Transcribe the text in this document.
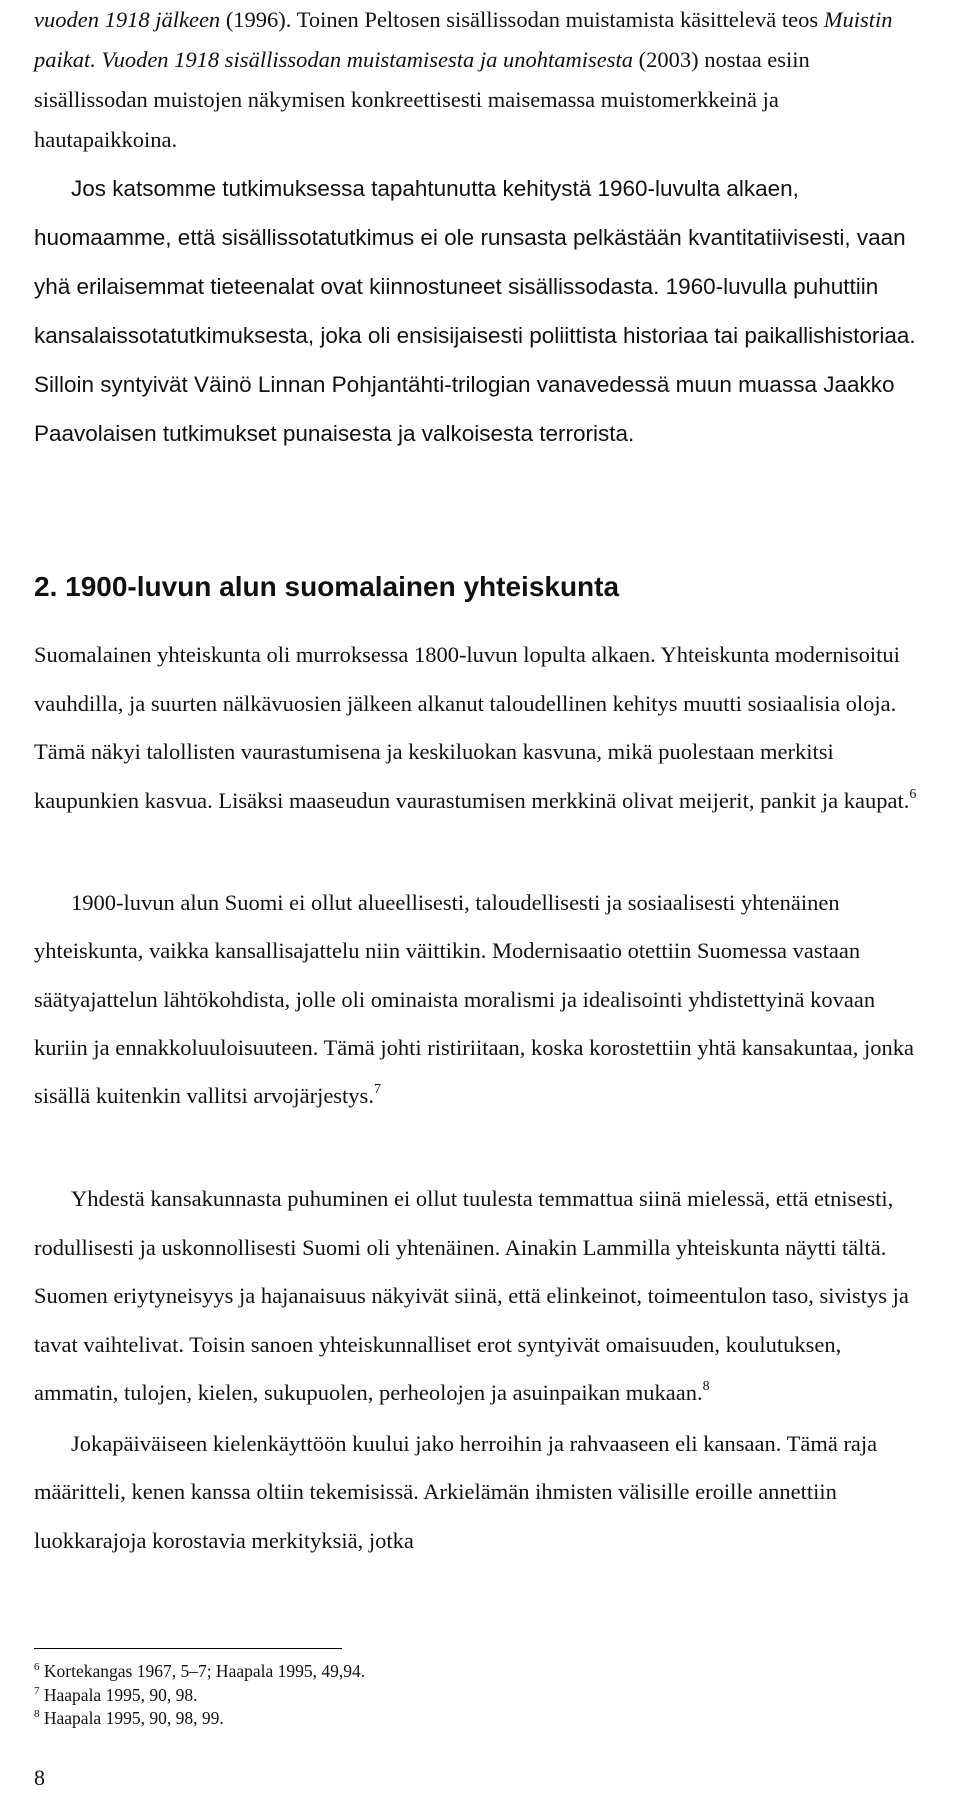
vuoden 1918 jälkeen (1996). Toinen Peltosen sisällissodan muistamista käsittelevä teos Muistin paikat. Vuoden 1918 sisällissodan muistamisesta ja unohtamisesta (2003) nostaa esiin sisällissodan muistojen näkymisen konkreettisesti maisemassa muistomerkkeinä ja hautapaikkoina.

Jos katsomme tutkimuksessa tapahtunutta kehitystä 1960-luvulta alkaen, huomaamme, että sisällissotatutkimus ei ole runsasta pelkästään kvantitatiivisesti, vaan yhä erilaisemmat tieteenalat ovat kiinnostuneet sisällissodasta. 1960-luvulla puhuttiin kansalaissotatutkimuksesta, joka oli ensisijaisesti poliittista historiaa tai paikallishistoriaa. Silloin syntyivät Väinö Linnan Pohjantähti-trilogian vanavedessä muun muassa Jaakko Paavolaisen tutkimukset punaisesta ja valkoisesta terrorista.

2. 1900-luvun alun suomalainen yhteiskunta

Suomalainen yhteiskunta oli murroksessa 1800-luvun lopulta alkaen. Yhteiskunta modernisoitui vauhdilla, ja suurten nälkävuosien jälkeen alkanut taloudellinen kehitys muutti sosiaalisia oloja. Tämä näkyi talollisten vaurastumisena ja keskiluokan kasvuna, mikä puolestaan merkitsi kaupunkien kasvua. Lisäksi maaseudun vaurastumisen merkkinä olivat meijerit, pankit ja kaupat.$^6$

1900-luvun alun Suomi ei ollut alueellisesti, taloudellisesti ja sosiaalisesti yhtenäinen yhteiskunta, vaikka kansallisajattelu niin väittikin. Modernisaatio otettiin Suomessa vastaan säätyajattelun lähtökohdista, jolle oli ominaista moralismi ja idealisointi yhdistettyinä kovaan kuriin ja ennakkoluuloisuuteen. Tämä johti ristiriitaan, koska korostettiin yhtä kansakuntaa, jonka sisällä kuitenkin vallitsi arvojärjestys.$^7$

Yhdestä kansakunnasta puhuminen ei ollut tuulesta temmattua siinä mielessä, että etnisesti, rodullisesti ja uskonnollisesti Suomi oli yhtenäinen. Ainakin Lammilla yhteiskunta näytti tältä. Suomen eriytyneisyys ja hajanaisuus näkyivät siinä, että elinkeinot, toimeentulon taso, sivistys ja tavat vaihtelivat. Toisin sanoen yhteiskunnalliset erot syntyivät omaisuuden, koulutuksen, ammatin, tulojen, kielen, sukupuolen, perheolojen ja asuinpaikan mukaan.$^8$

Jokapäiväiseen kielenkäyttöön kuului jako herroihin ja rahvaaseen eli kansaan. Tämä raja määritteli, kenen kanssa oltiin tekemisissä. Arkielämän ihmisten välisille eroille annettiin luokkarajoja korostavia merkityksiä, jotka

$^6$ Kortekangas 1967, 5–7; Haapala 1995, 49,94.
$^7$ Haapala 1995, 90, 98.
$^8$ Haapala 1995, 90, 98, 99.
8
